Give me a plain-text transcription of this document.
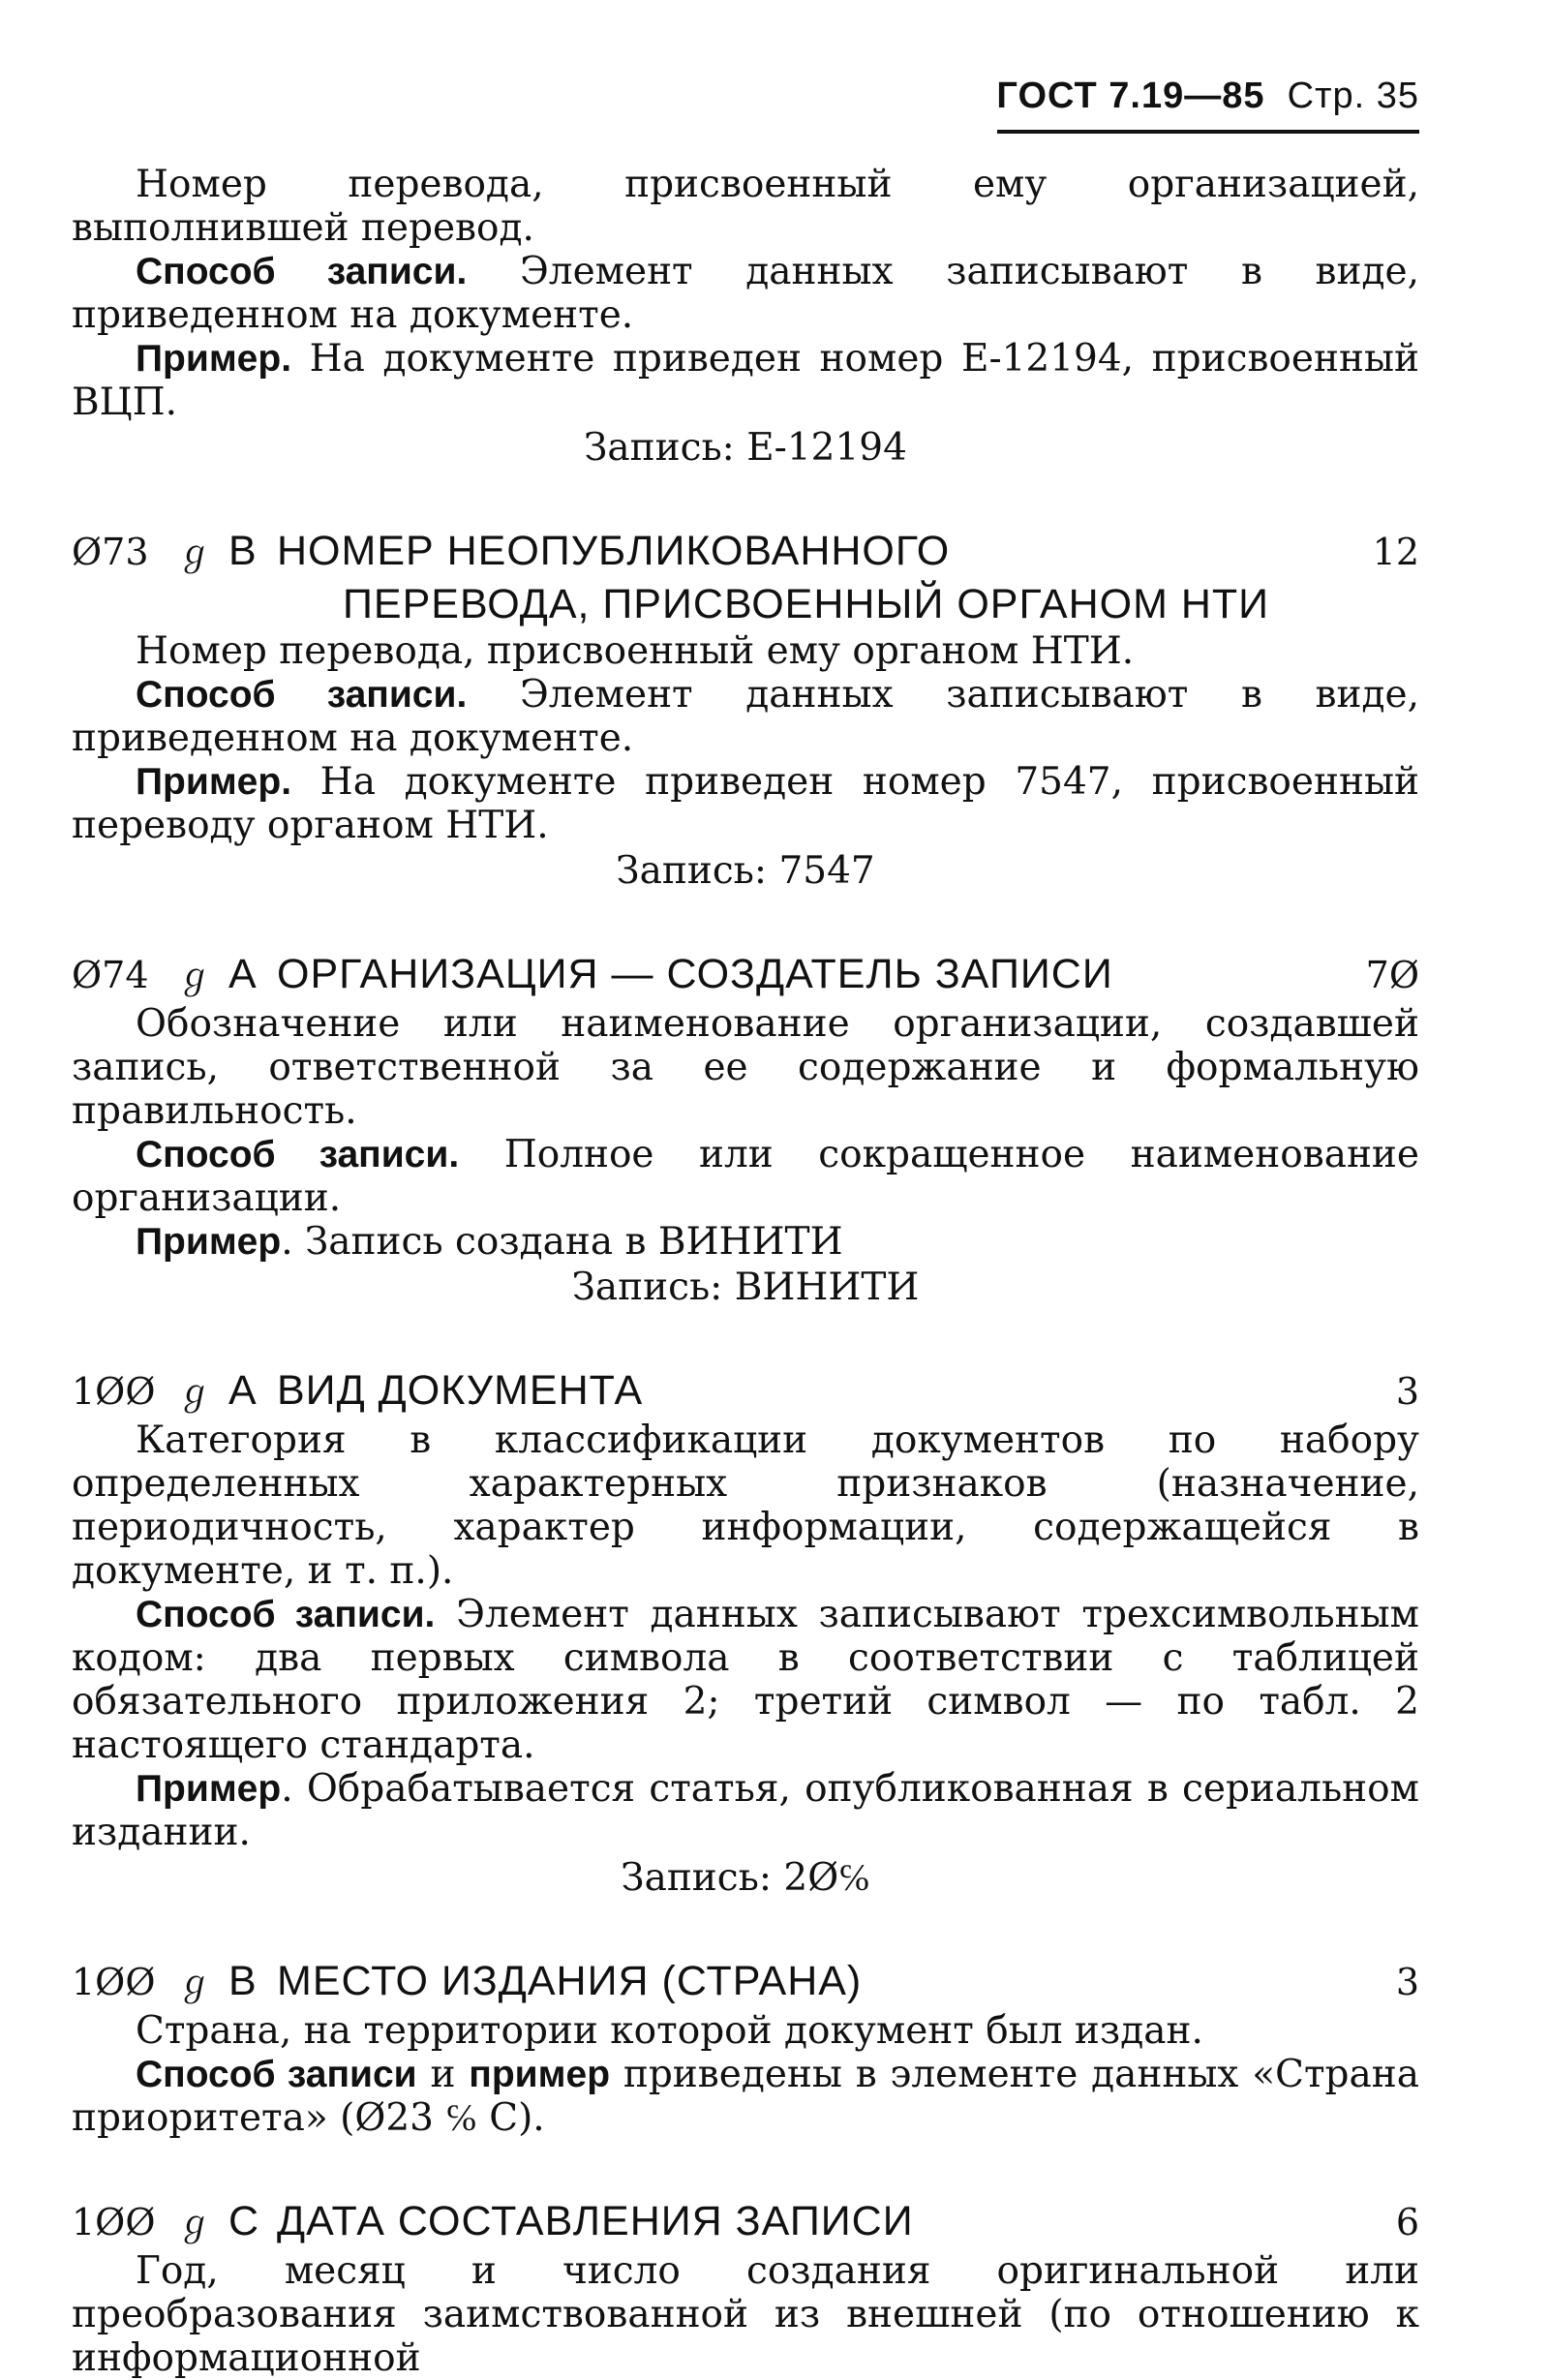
ГОСТ 7.19—85 Стр. 35

Номер перевода, присвоенный ему организацией, выполнившей перевод.

Способ записи. Элемент данных записывают в виде, приведенном на документе.

Пример. На документе приведен номер Е-12194, присвоенный ВЦП.

Запись: Е-12194

Ø73 ℊ В НОМЕР НЕОПУБЛИКОВАННОГО	12
ПЕРЕВОДА, ПРИСВОЕННЫЙ ОРГАНОМ НТИ

Номер перевода, присвоенный ему органом НТИ.

Способ записи. Элемент данных записывают в виде, приведенном на документе.

Пример. На документе приведен номер 7547, присвоенный переводу органом НТИ.

Запись: 7547

Ø74 ℊ А ОРГАНИЗАЦИЯ — СОЗДАТЕЛЬ ЗАПИСИ	7Ø

Обозначение или наименование организации, создавшей запись, ответственной за ее содержание и формальную правильность.

Способ записи. Полное или сокращенное наименование организации.

Пример. Запись создана в ВИНИТИ

Запись: ВИНИТИ

1ØØ ℊ А ВИД ДОКУМЕНТА	3

Категория в классификации документов по набору определенных характерных признаков (назначение, периодичность, характер информации, содержащейся в документе, и т. п.).

Способ записи. Элемент данных записывают трехсимвольным кодом: два первых символа в соответствии с таблицей обязательного приложения 2; третий символ — по табл. 2 настоящего стандарта.

Пример. Обрабатывается статья, опубликованная в сериальном издании.

Запись: 2Ø℅

1ØØ ℊ В МЕСТО ИЗДАНИЯ (СТРАНА)	3

Страна, на территории которой документ был издан.

Способ записи и пример приведены в элементе данных «Страна приоритета» (Ø23 ℅ С).

1ØØ ℊ С ДАТА СОСТАВЛЕНИЯ ЗАПИСИ	6

Год, месяц и число создания оригинальной или преобразования заимствованной из внешней (по отношению к информационной
